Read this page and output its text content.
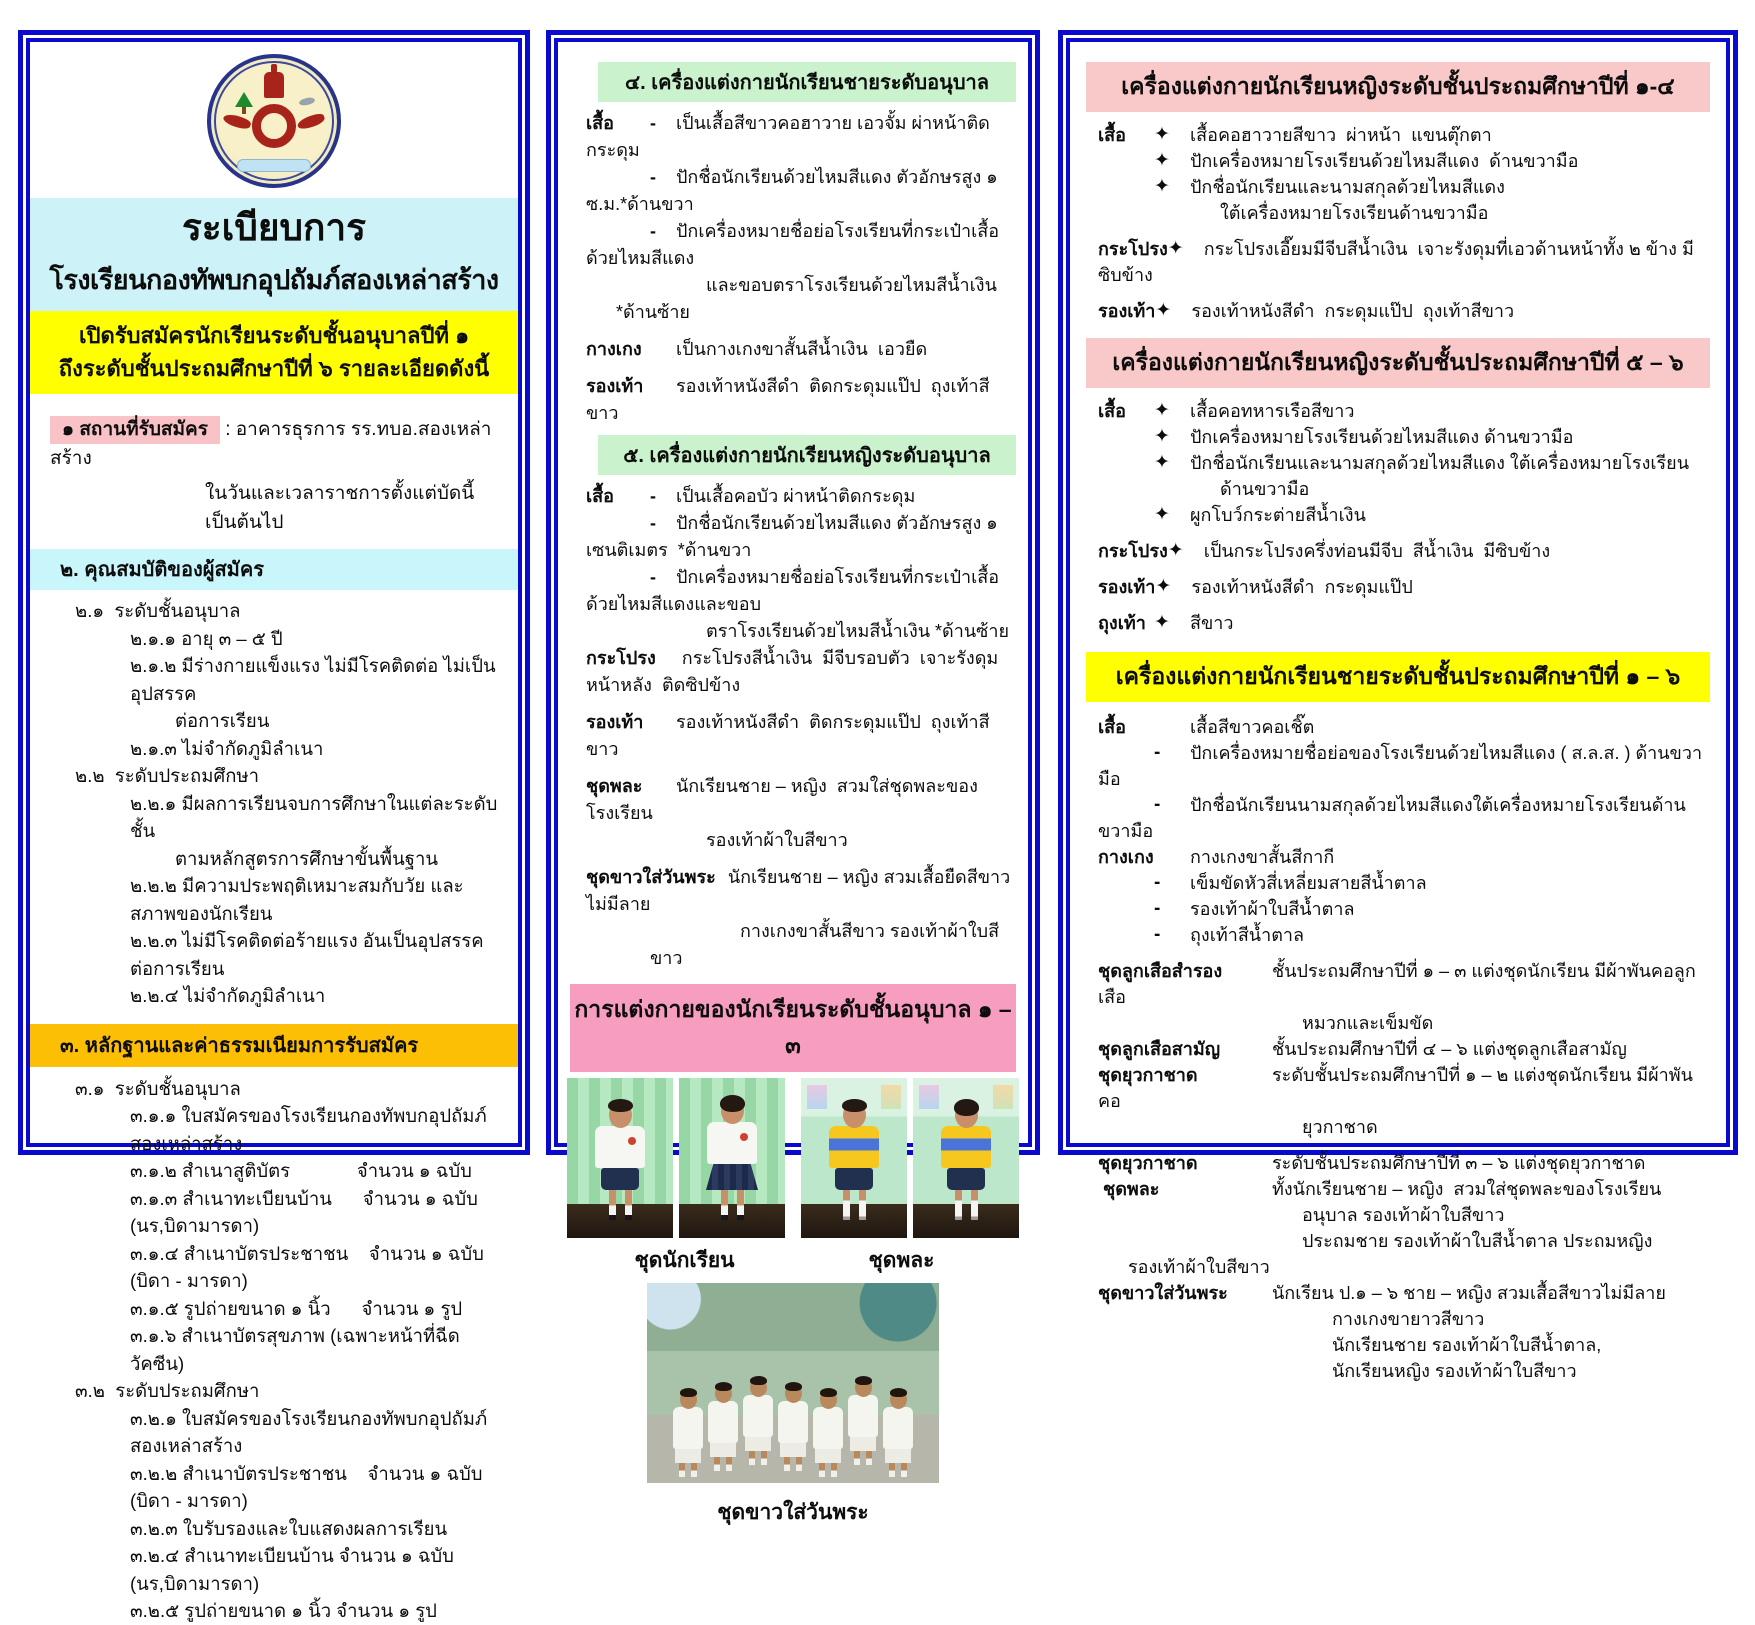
ระเบียบการ
โรงเรียนกองทัพบกอุปถัมภ์สองเหล่าสร้าง
เปิดรับสมัครนักเรียนระดับชั้นอนุบาลปีที่ ๑
ถึงระดับชั้นประถมศึกษาปีที่ ๖ รายละเอียดดังนี้
๑ สถานที่รับสมัคร : อาคารธุรการ รร.ทบอ.สองเหล่าสร้าง
ในวันและเวลาราชการตั้งแต่บัดนี้เป็นต้นไป
๒. คุณสมบัติของผู้สมัคร
๒.๑  ระดับชั้นอนุบาล
๒.๑.๑ อายุ ๓ – ๕ ปี
๒.๑.๒ มีร่างกายแข็งแรง ไม่มีโรคติดต่อ ไม่เป็นอุปสรรค
ต่อการเรียน
๒.๑.๓ ไม่จำกัดภูมิลำเนา
๒.๒  ระดับประถมศึกษา
๒.๒.๑ มีผลการเรียนจบการศึกษาในแต่ละระดับชั้น
ตามหลักสูตรการศึกษาขั้นพื้นฐาน
๒.๒.๒ มีความประพฤติเหมาะสมกับวัย และสภาพของนักเรียน
๒.๒.๓ ไม่มีโรคติดต่อร้ายแรง อันเป็นอุปสรรคต่อการเรียน
๒.๒.๔ ไม่จำกัดภูมิลำเนา
๓. หลักฐานและค่าธรรมเนียมการรับสมัคร
๓.๑  ระดับชั้นอนุบาล
๓.๑.๑ ใบสมัครของโรงเรียนกองทัพบกอุปถัมภ์สองเหล่าสร้าง
๓.๑.๒ สำเนาสูติบัตร             จำนวน ๑ ฉบับ
๓.๑.๓ สำเนาทะเบียนบ้าน      จำนวน ๑ ฉบับ (นร,บิดามารดา)
๓.๑.๔ สำเนาบัตรประชาชน    จำนวน ๑ ฉบับ (บิดา - มารดา)
๓.๑.๕ รูปถ่ายขนาด ๑ นิ้ว      จำนวน ๑ รูป
๓.๑.๖ สำเนาบัตรสุขภาพ (เฉพาะหน้าที่ฉีดวัคซีน)
๓.๒  ระดับประถมศึกษา
๓.๒.๑ ใบสมัครของโรงเรียนกองทัพบกอุปถัมภ์สองเหล่าสร้าง
๓.๒.๒ สำเนาบัตรประชาชน    จำนวน ๑ ฉบับ (บิดา - มารดา)
๓.๒.๓ ใบรับรองและใบแสดงผลการเรียน
๓.๒.๔ สำเนาทะเบียนบ้าน จำนวน ๑ ฉบับ (นร,บิดามารดา)
๓.๒.๕ รูปถ่ายขนาด ๑ นิ้ว จำนวน ๑ รูป
๔. เครื่องแต่งกายนักเรียนชายระดับอนุบาล
เสื้อ - เป็นเสื้อสีขาวคอฮาวาย เอวจั้ม ผ่าหน้าติดกระดุม
- ปักชื่อนักเรียนด้วยไหมสีแดง ตัวอักษรสูง ๑ ซ.ม.*ด้านขวา
- ปักเครื่องหมายชื่อย่อโรงเรียนที่กระเป๋าเสื้อด้วยไหมสีแดง
และขอบตราโรงเรียนด้วยไหมสีน้ำเงิน *ด้านซ้าย
กางเกง เป็นกางเกงขาสั้นสีน้ำเงิน  เอวยืด
รองเท้า รองเท้าหนังสีดำ  ติดกระดุมแป๊ป  ถุงเท้าสีขาว
๕. เครื่องแต่งกายนักเรียนหญิงระดับอนุบาล
เสื้อ - เป็นเสื้อคอบัว ผ่าหน้าติดกระดุม
- ปักชื่อนักเรียนด้วยไหมสีแดง ตัวอักษรสูง ๑ เซนติเมตร  *ด้านขวา
- ปักเครื่องหมายชื่อย่อโรงเรียนที่กระเป๋าเสื้อด้วยไหมสีแดงและขอบ
ตราโรงเรียนด้วยไหมสีน้ำเงิน *ด้านซ้าย
กระโปรง กระโปรงสีน้ำเงิน  มีจีบรอบตัว  เจาะรังดุมหน้าหลัง  ติดซิปข้าง
รองเท้า รองเท้าหนังสีดำ  ติดกระดุมแป๊ป  ถุงเท้าสีขาว
ชุดพละ นักเรียนชาย – หญิง  สวมใส่ชุดพละของโรงเรียน
รองเท้าผ้าใบสีขาว
ชุดขาวใส่วันพระ นักเรียนชาย – หญิง สวมเสื้อยืดสีขาวไม่มีลาย
กางเกงขาสั้นสีขาว รองเท้าผ้าใบสีขาว
การแต่งกายของนักเรียนระดับชั้นอนุบาล ๑ – ๓
ชุดนักเรียน	ชุดพละ
ชุดขาวใส่วันพระ
เครื่องแต่งกายนักเรียนหญิงระดับชั้นประถมศึกษาปีที่ ๑-๔
เสื้อ ✦ เสื้อคอฮาวายสีขาว  ผ่าหน้า  แขนตุ๊กตา
✦ ปักเครื่องหมายโรงเรียนด้วยไหมสีแดง  ด้านขวามือ
✦ ปักชื่อนักเรียนและนามสกุลด้วยไหมสีแดง
ใต้เครื่องหมายโรงเรียนด้านขวามือ
กระโปรง✦ กระโปรงเอี๊ยมมีจีบสีน้ำเงิน  เจาะรังดุมที่เอวด้านหน้าทั้ง ๒ ข้าง มีซิบข้าง
รองเท้า✦ รองเท้าหนังสีดำ  กระดุมแป๊ป  ถุงเท้าสีขาว
เครื่องแต่งกายนักเรียนหญิงระดับชั้นประถมศึกษาปีที่ ๕ – ๖
เสื้อ ✦ เสื้อคอทหารเรือสีขาว
✦ ปักเครื่องหมายโรงเรียนด้วยไหมสีแดง ด้านขวามือ
✦ ปักชื่อนักเรียนและนามสกุลด้วยไหมสีแดง ใต้เครื่องหมายโรงเรียน
ด้านขวามือ
✦ ผูกโบว์กระต่ายสีน้ำเงิน
กระโปรง✦ เป็นกระโปรงครึ่งท่อนมีจีบ  สีน้ำเงิน  มีซิบข้าง
รองเท้า✦ รองเท้าหนังสีดำ  กระดุมแป๊ป
ถุงเท้า ✦ สีขาว
เครื่องแต่งกายนักเรียนชายระดับชั้นประถมศึกษาปีที่ ๑ – ๖
เสื้อ	เสื้อสีขาวคอเชิ๊ต
- ปักเครื่องหมายชื่อย่อของโรงเรียนด้วยไหมสีแดง ( ส.ล.ส. ) ด้านขวามือ
- ปักชื่อนักเรียนนามสกุลด้วยไหมสีแดงใต้เครื่องหมายโรงเรียนด้านขวามือ
กางเกง กางเกงขาสั้นสีกากี
- เข็มขัดหัวสี่เหลี่ยมสายสีน้ำตาล
- รองเท้าผ้าใบสีน้ำตาล
- ถุงเท้าสีน้ำตาล
ชุดลูกเสือสำรอง	ชั้นประถมศึกษาปีที่ ๑ – ๓ แต่งชุดนักเรียน มีผ้าพันคอลูกเสือ
หมวกและเข็มขัด
ชุดลูกเสือสามัญ	ชั้นประถมศึกษาปีที่ ๔ – ๖ แต่งชุดลูกเสือสามัญ
ชุดยุวกาชาด	ระดับชั้นประถมศึกษาปีที่ ๑ – ๒ แต่งชุดนักเรียน มีผ้าพันคอ
ยุวกาชาด
ชุดยุวกาชาด	ระดับชั้นประถมศึกษาปีที่ ๓ – ๖ แต่งชุดยุวกาชาด
ชุดพละ	ทั้งนักเรียนชาย – หญิง  สวมใส่ชุดพละของโรงเรียน
อนุบาล รองเท้าผ้าใบสีขาว
ประถมชาย รองเท้าผ้าใบสีน้ำตาล ประถมหญิง รองเท้าผ้าใบสีขาว
ชุดขาวใส่วันพระ นักเรียน ป.๑ – ๖ ชาย – หญิง สวมเสื้อสีขาวไม่มีลาย
กางเกงขายาวสีขาว
นักเรียนชาย รองเท้าผ้าใบสีน้ำตาล,
นักเรียนหญิง รองเท้าผ้าใบสีขาว
